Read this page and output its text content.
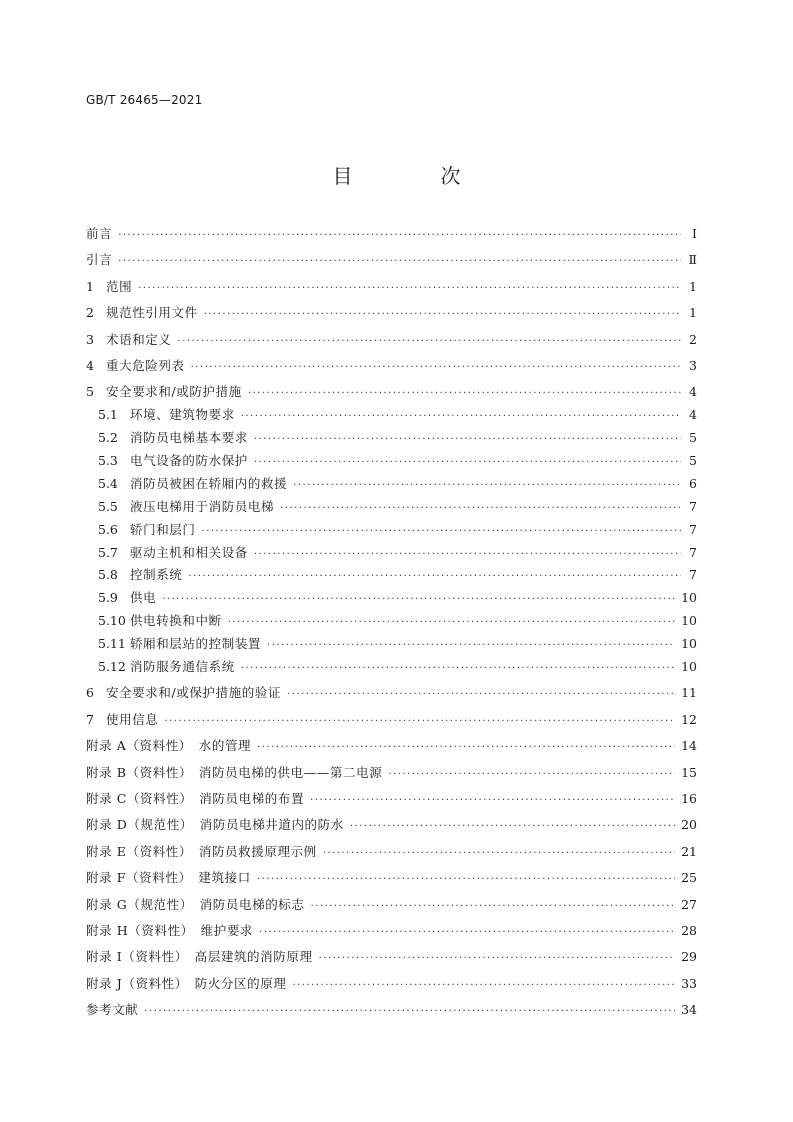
GB/T 26465—2021
目　次
前言 ·····	Ⅰ
引言 ·····	Ⅱ
1 范围 ·····	1
2 规范性引用文件 ·····	1
3 术语和定义 ·····	2
4 重大危险列表 ·····	3
5 安全要求和/或防护措施 ·····	4
5.1 环境、建筑物要求 ·····	4
5.2 消防员电梯基本要求 ·····	5
5.3 电气设备的防水保护 ·····	5
5.4 消防员被困在轿厢内的救援 ·····	6
5.5 液压电梯用于消防员电梯 ·····	7
5.6 轿门和层门 ·····	7
5.7 驱动主机和相关设备 ·····	7
5.8 控制系统 ·····	7
5.9 供电 ·····	10
5.10 供电转换和中断 ·····	10
5.11 轿厢和层站的控制装置 ·····	10
5.12 消防服务通信系统 ·····	10
6 安全要求和/或保护措施的验证 ·····	11
7 使用信息 ·····	12
附录 A（资料性）　水的管理 ·····	14
附录 B（资料性）　消防员电梯的供电——第二电源 ·····	15
附录 C（资料性）　消防员电梯的布置 ·····	16
附录 D（规范性）　消防员电梯井道内的防水 ·····	20
附录 E（资料性）　消防员救援原理示例 ·····	21
附录 F（资料性）　建筑接口 ·····	25
附录 G（规范性）　消防员电梯的标志 ·····	27
附录 H（资料性）　维护要求 ·····	28
附录 I（资料性）　高层建筑的消防原理 ·····	29
附录 J（资料性）　防火分区的原理 ·····	33
参考文献 ·····	34
